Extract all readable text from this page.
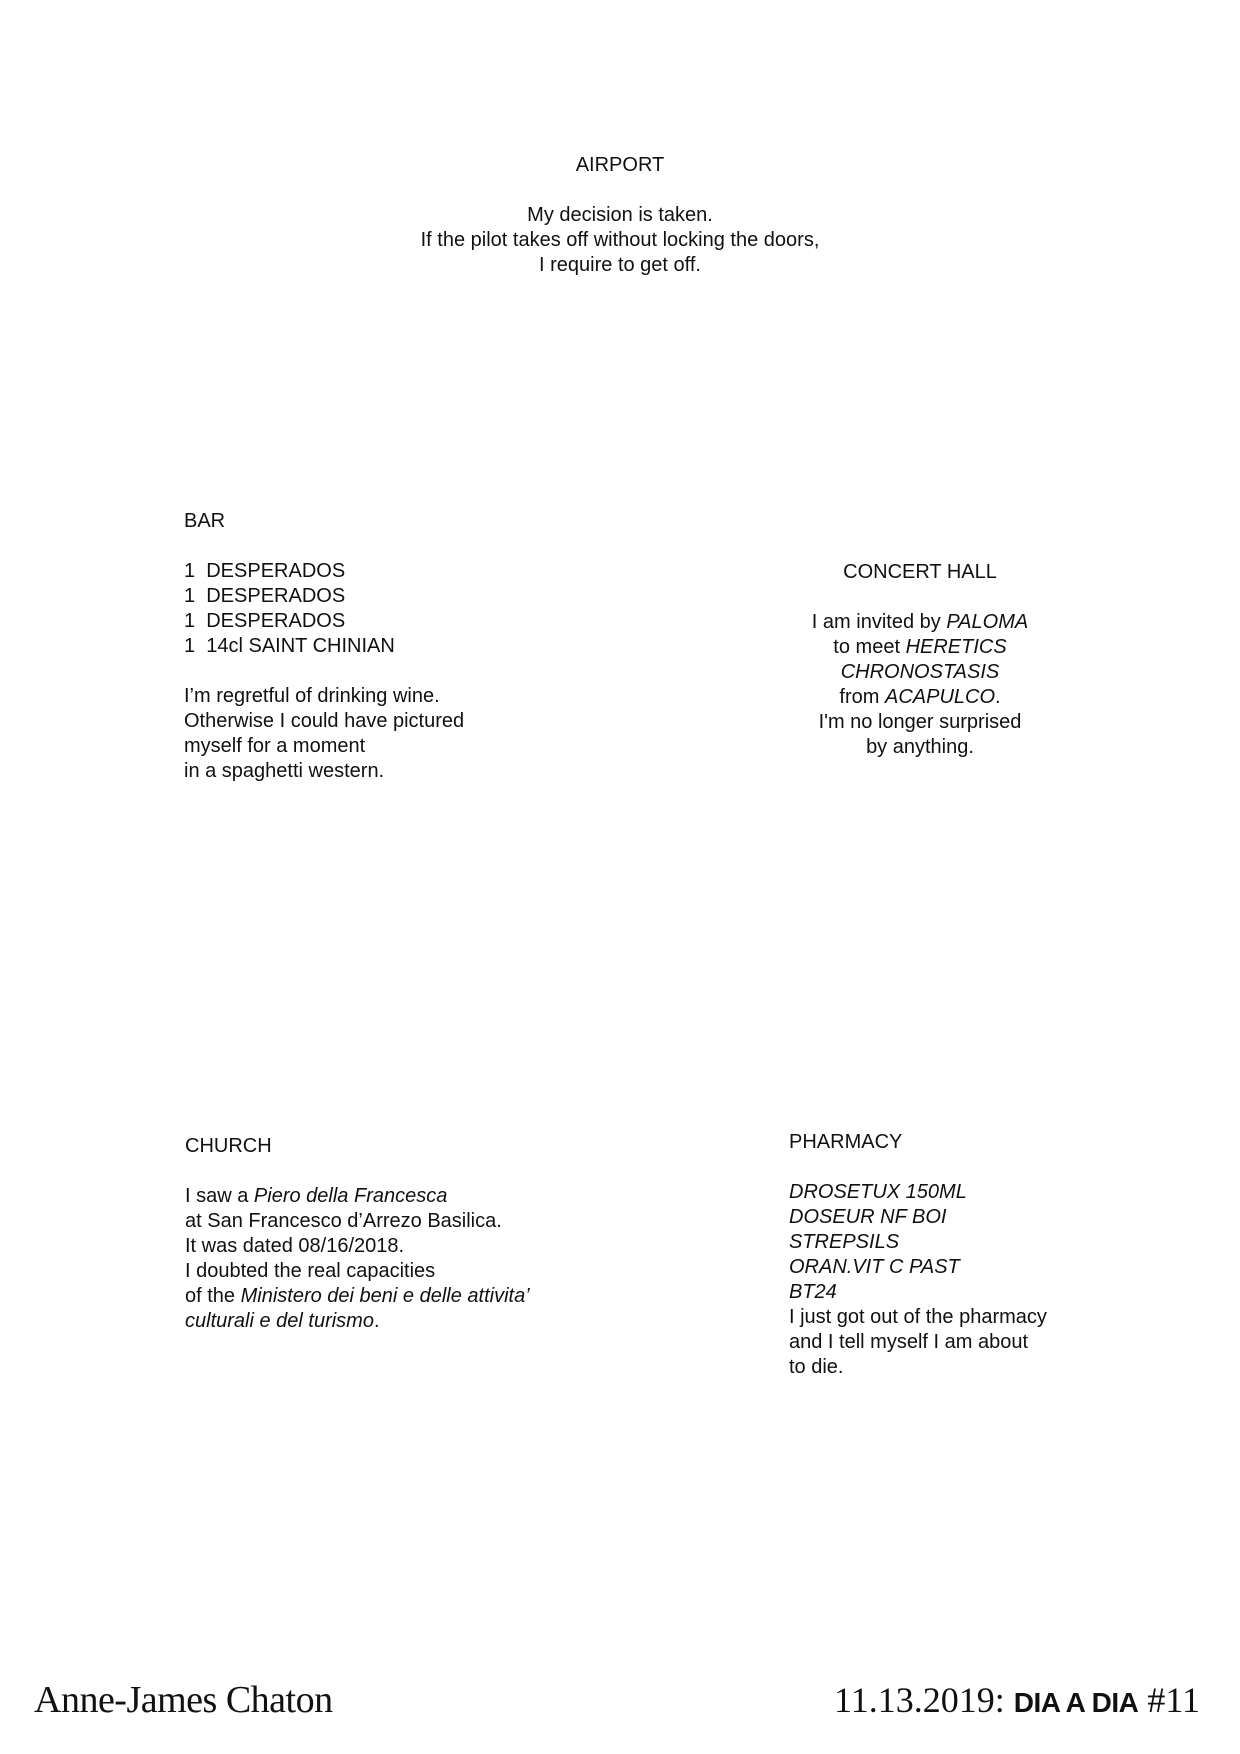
AIRPORT
My decision is taken.
If the pilot takes off without locking the doors,
I require to get off.
BAR
1  DESPERADOS
1  DESPERADOS
1  DESPERADOS
1  14cl SAINT CHINIAN
I’m regretful of drinking wine.
Otherwise I could have pictured
myself for a moment
in a spaghetti western.
CONCERT HALL
I am invited by PALOMA
to meet HERETICS
CHRONOSTASIS
from ACAPULCO.
I'm no longer surprised
by anything.
CHURCH
I saw a Piero della Francesca
at San Francesco d’Arrezo Basilica.
It was dated 08/16/2018.
I doubted the real capacities
of the Ministero dei beni e delle attivita’
culturali e del turismo.
PHARMACY
DROSETUX 150ML
DOSEUR NF BOI
STREPSILS
ORAN.VIT C PAST
BT24
I just got out of the pharmacy
and I tell myself I am about
to die.
Anne-James Chaton	11.13.2019: DIA A DIA #11
